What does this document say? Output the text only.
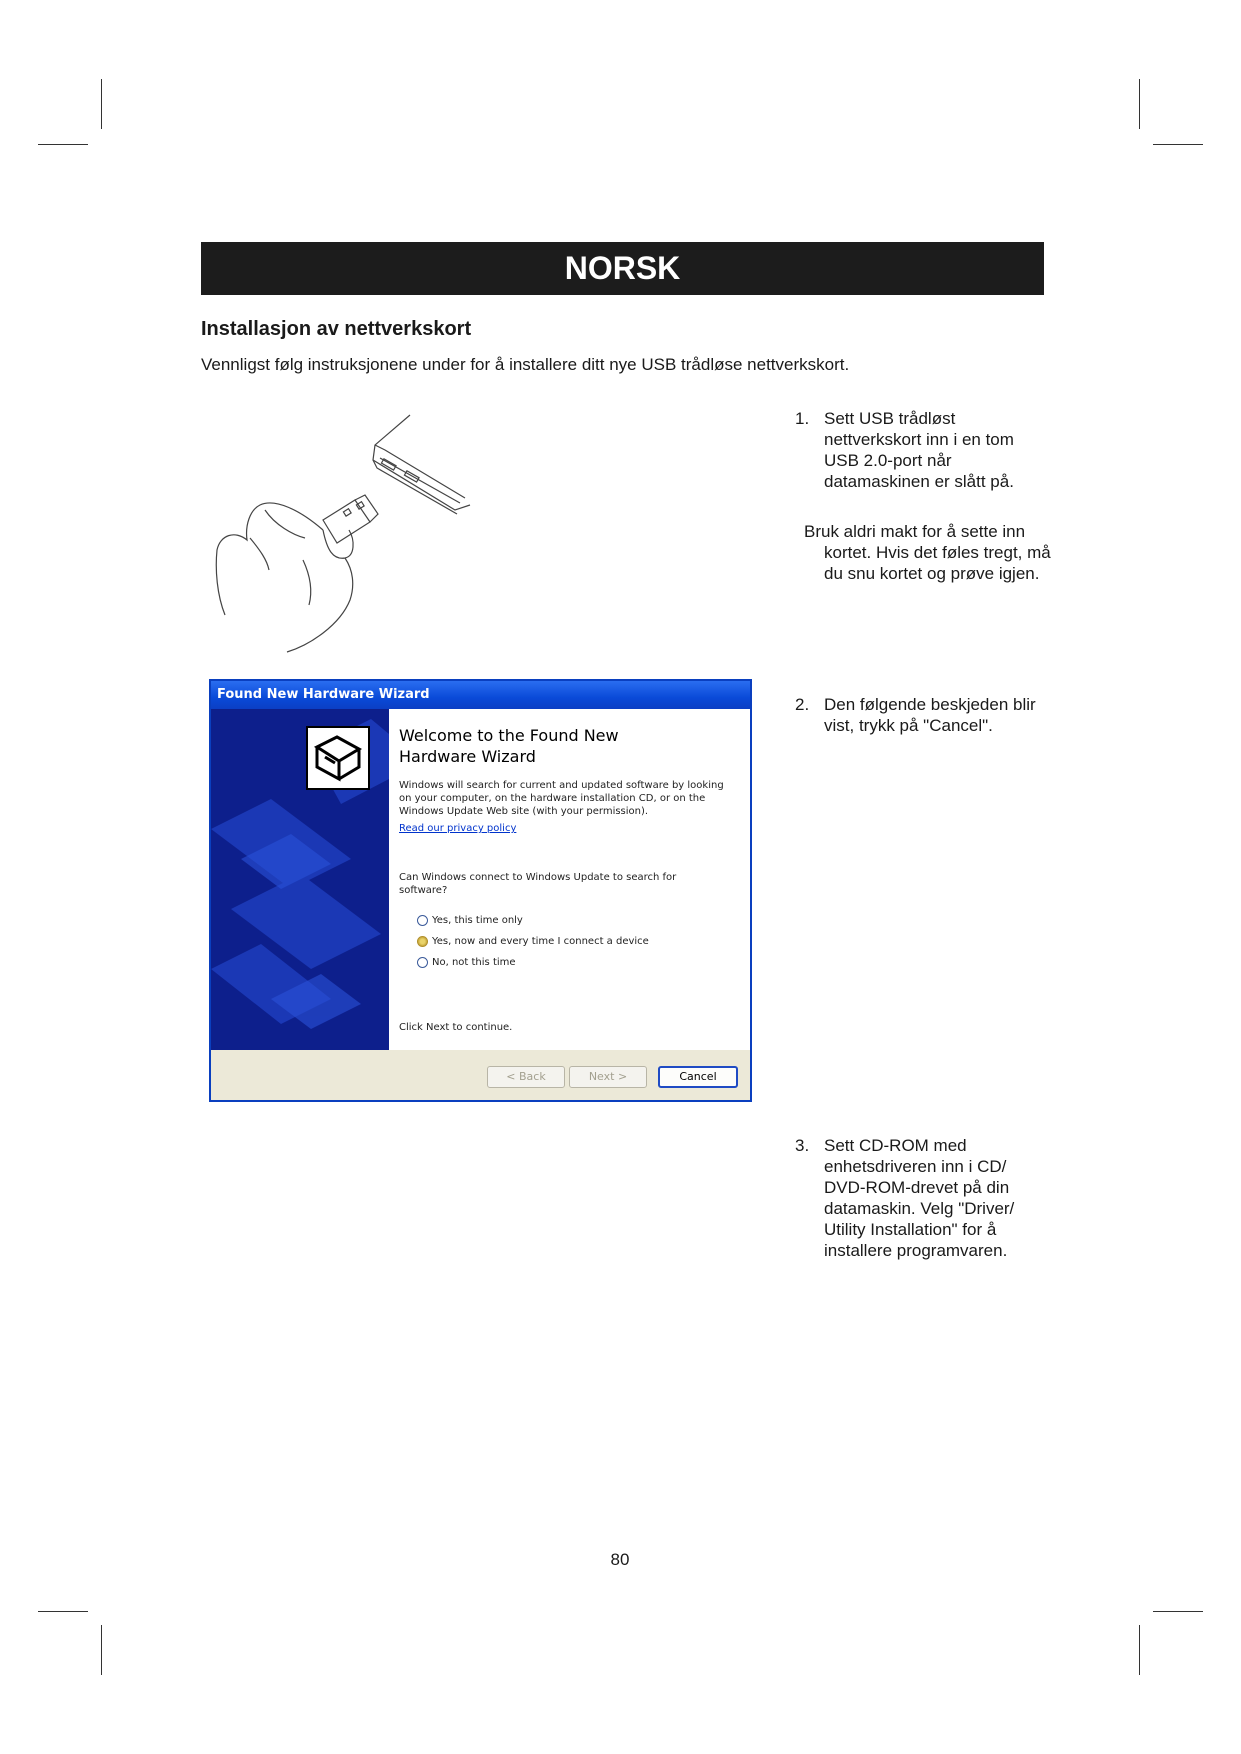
NORSK
Installasjon av nettverkskort
Vennligst følg instruksjonene under for å installere ditt nye USB trådløse nettverkskort.
1. Sett USB trådløst nettverkskort inn i en tom USB 2.0-port når datamaskinen er slått på.
Bruk aldri makt for å sette inn kortet. Hvis det føles tregt, må du snu kortet og prøve igjen.
Found New Hardware Wizard
Welcome to the Found New Hardware Wizard
Windows will search for current and updated software by looking on your computer, on the hardware installation CD, or on the Windows Update Web site (with your permission).
Read our privacy policy
Can Windows connect to Windows Update to search for software?
Yes, this time only
Yes, now and every time I connect a device
No, not this time
Click Next to continue.
< Back	Next >	Cancel
2. Den følgende beskjeden blir vist, trykk på "Cancel".
3. Sett CD-ROM med enhetsdriveren inn i CD/ DVD-ROM-drevet på din datamaskin. Velg "Driver/ Utility Installation" for å installere programvaren.
80
